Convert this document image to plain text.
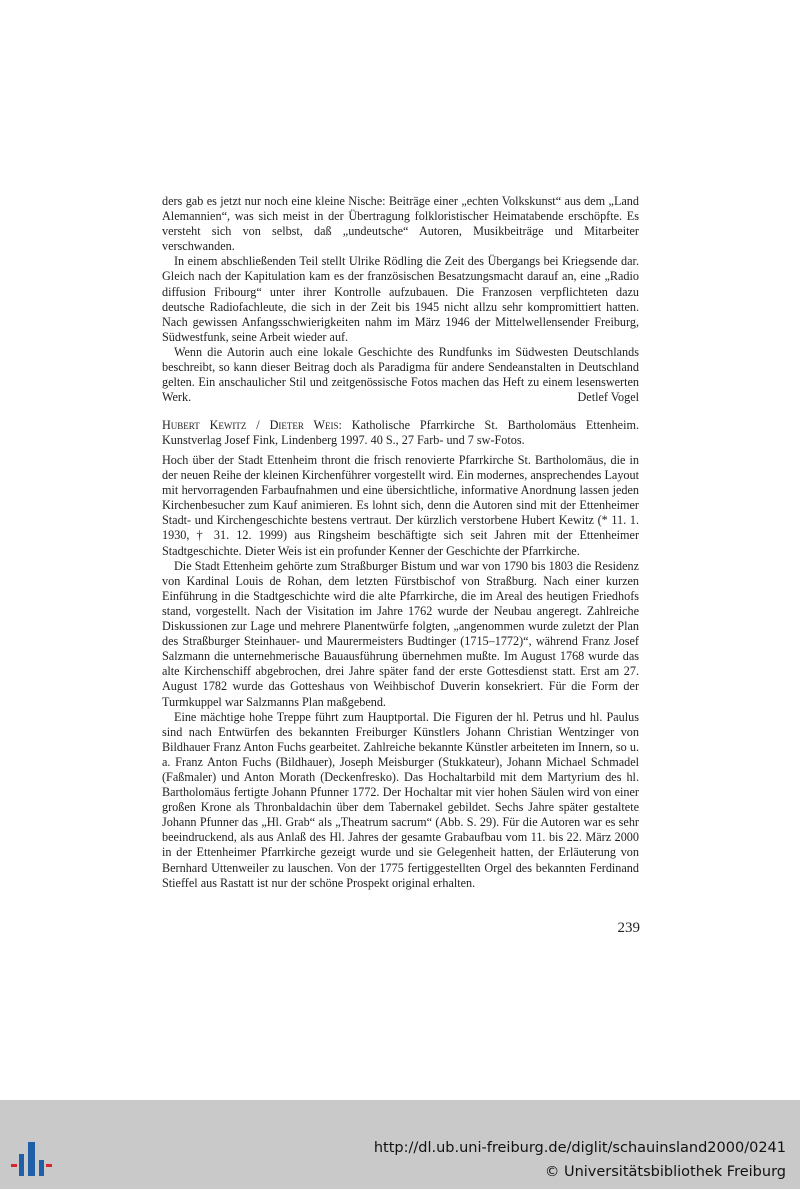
ders gab es jetzt nur noch eine kleine Nische: Beiträge einer „echten Volkskunst“ aus dem „Land Alemannien“, was sich meist in der Übertragung folkloristischer Heimatabende erschöpfte. Es versteht sich von selbst, daß „undeutsche“ Autoren, Musikbeiträge und Mitarbeiter verschwanden.

In einem abschließenden Teil stellt Ulrike Rödling die Zeit des Übergangs bei Kriegsende dar. Gleich nach der Kapitulation kam es der französischen Besatzungsmacht darauf an, eine „Radio diffusion Fribourg“ unter ihrer Kontrolle aufzubauen. Die Franzosen verpflichteten dazu deutsche Radiofachleute, die sich in der Zeit bis 1945 nicht allzu sehr kompromittiert hatten. Nach gewissen Anfangsschwierigkeiten nahm im März 1946 der Mittelwellensender Freiburg, Südwestfunk, seine Arbeit wieder auf.

Wenn die Autorin auch eine lokale Geschichte des Rundfunks im Südwesten Deutschlands beschreibt, so kann dieser Beitrag doch als Paradigma für andere Sendeanstalten in Deutschland gelten. Ein anschaulicher Stil und zeitgenössische Fotos machen das Heft zu einem lesenswerten Werk.	Detlef Vogel

Hubert Kewitz / Dieter Weis: Katholische Pfarrkirche St. Bartholomäus Ettenheim. Kunstverlag Josef Fink, Lindenberg 1997. 40 S., 27 Farb- und 7 sw-Fotos.

Hoch über der Stadt Ettenheim thront die frisch renovierte Pfarrkirche St. Bartholomäus, die in der neuen Reihe der kleinen Kirchenführer vorgestellt wird. Ein modernes, ansprechendes Layout mit hervorragenden Farbaufnahmen und eine übersichtliche, informative Anordnung lassen jeden Kirchenbesucher zum Kauf animieren. Es lohnt sich, denn die Autoren sind mit der Ettenheimer Stadt- und Kirchengeschichte bestens vertraut. Der kürzlich verstorbene Hubert Kewitz (* 11. 1. 1930, † 31. 12. 1999) aus Ringsheim beschäftigte sich seit Jahren mit der Ettenheimer Stadtgeschichte. Dieter Weis ist ein profunder Kenner der Geschichte der Pfarrkirche.

Die Stadt Ettenheim gehörte zum Straßburger Bistum und war von 1790 bis 1803 die Residenz von Kardinal Louis de Rohan, dem letzten Fürstbischof von Straßburg. Nach einer kurzen Einführung in die Stadtgeschichte wird die alte Pfarrkirche, die im Areal des heutigen Friedhofs stand, vorgestellt. Nach der Visitation im Jahre 1762 wurde der Neubau angeregt. Zahlreiche Diskussionen zur Lage und mehrere Planentwürfe folgten, „angenommen wurde zuletzt der Plan des Straßburger Steinhauer- und Maurermeisters Budtinger (1715–1772)“, während Franz Josef Salzmann die unternehmerische Bauausführung übernehmen mußte. Im August 1768 wurde das alte Kirchenschiff abgebrochen, drei Jahre später fand der erste Gottesdienst statt. Erst am 27. August 1782 wurde das Gotteshaus von Weihbischof Duverin konsekriert. Für die Form der Turmkuppel war Salzmanns Plan maßgebend.

Eine mächtige hohe Treppe führt zum Hauptportal. Die Figuren der hl. Petrus und hl. Paulus sind nach Entwürfen des bekannten Freiburger Künstlers Johann Christian Wentzinger von Bildhauer Franz Anton Fuchs gearbeitet. Zahlreiche bekannte Künstler arbeiteten im Innern, so u. a. Franz Anton Fuchs (Bildhauer), Joseph Meisburger (Stukkateur), Johann Michael Schmadel (Faßmaler) und Anton Morath (Deckenfresko). Das Hochaltarbild mit dem Martyrium des hl. Bartholomäus fertigte Johann Pfunner 1772. Der Hochaltar mit vier hohen Säulen wird von einer großen Krone als Thronbaldachin über dem Tabernakel gebildet. Sechs Jahre später gestaltete Johann Pfunner das „Hl. Grab“ als „Theatrum sacrum“ (Abb. S. 29). Für die Autoren war es sehr beeindruckend, als aus Anlaß des Hl. Jahres der gesamte Grabaufbau vom 11. bis 22. März 2000 in der Ettenheimer Pfarrkirche gezeigt wurde und sie Gelegenheit hatten, der Erläuterung von Bernhard Uttenweiler zu lauschen. Von der 1775 fertiggestellten Orgel des bekannten Ferdinand Stieffel aus Rastatt ist nur der schöne Prospekt original erhalten.

239
http://dl.ub.uni-freiburg.de/diglit/schauinsland2000/0241
© Universitätsbibliothek Freiburg
